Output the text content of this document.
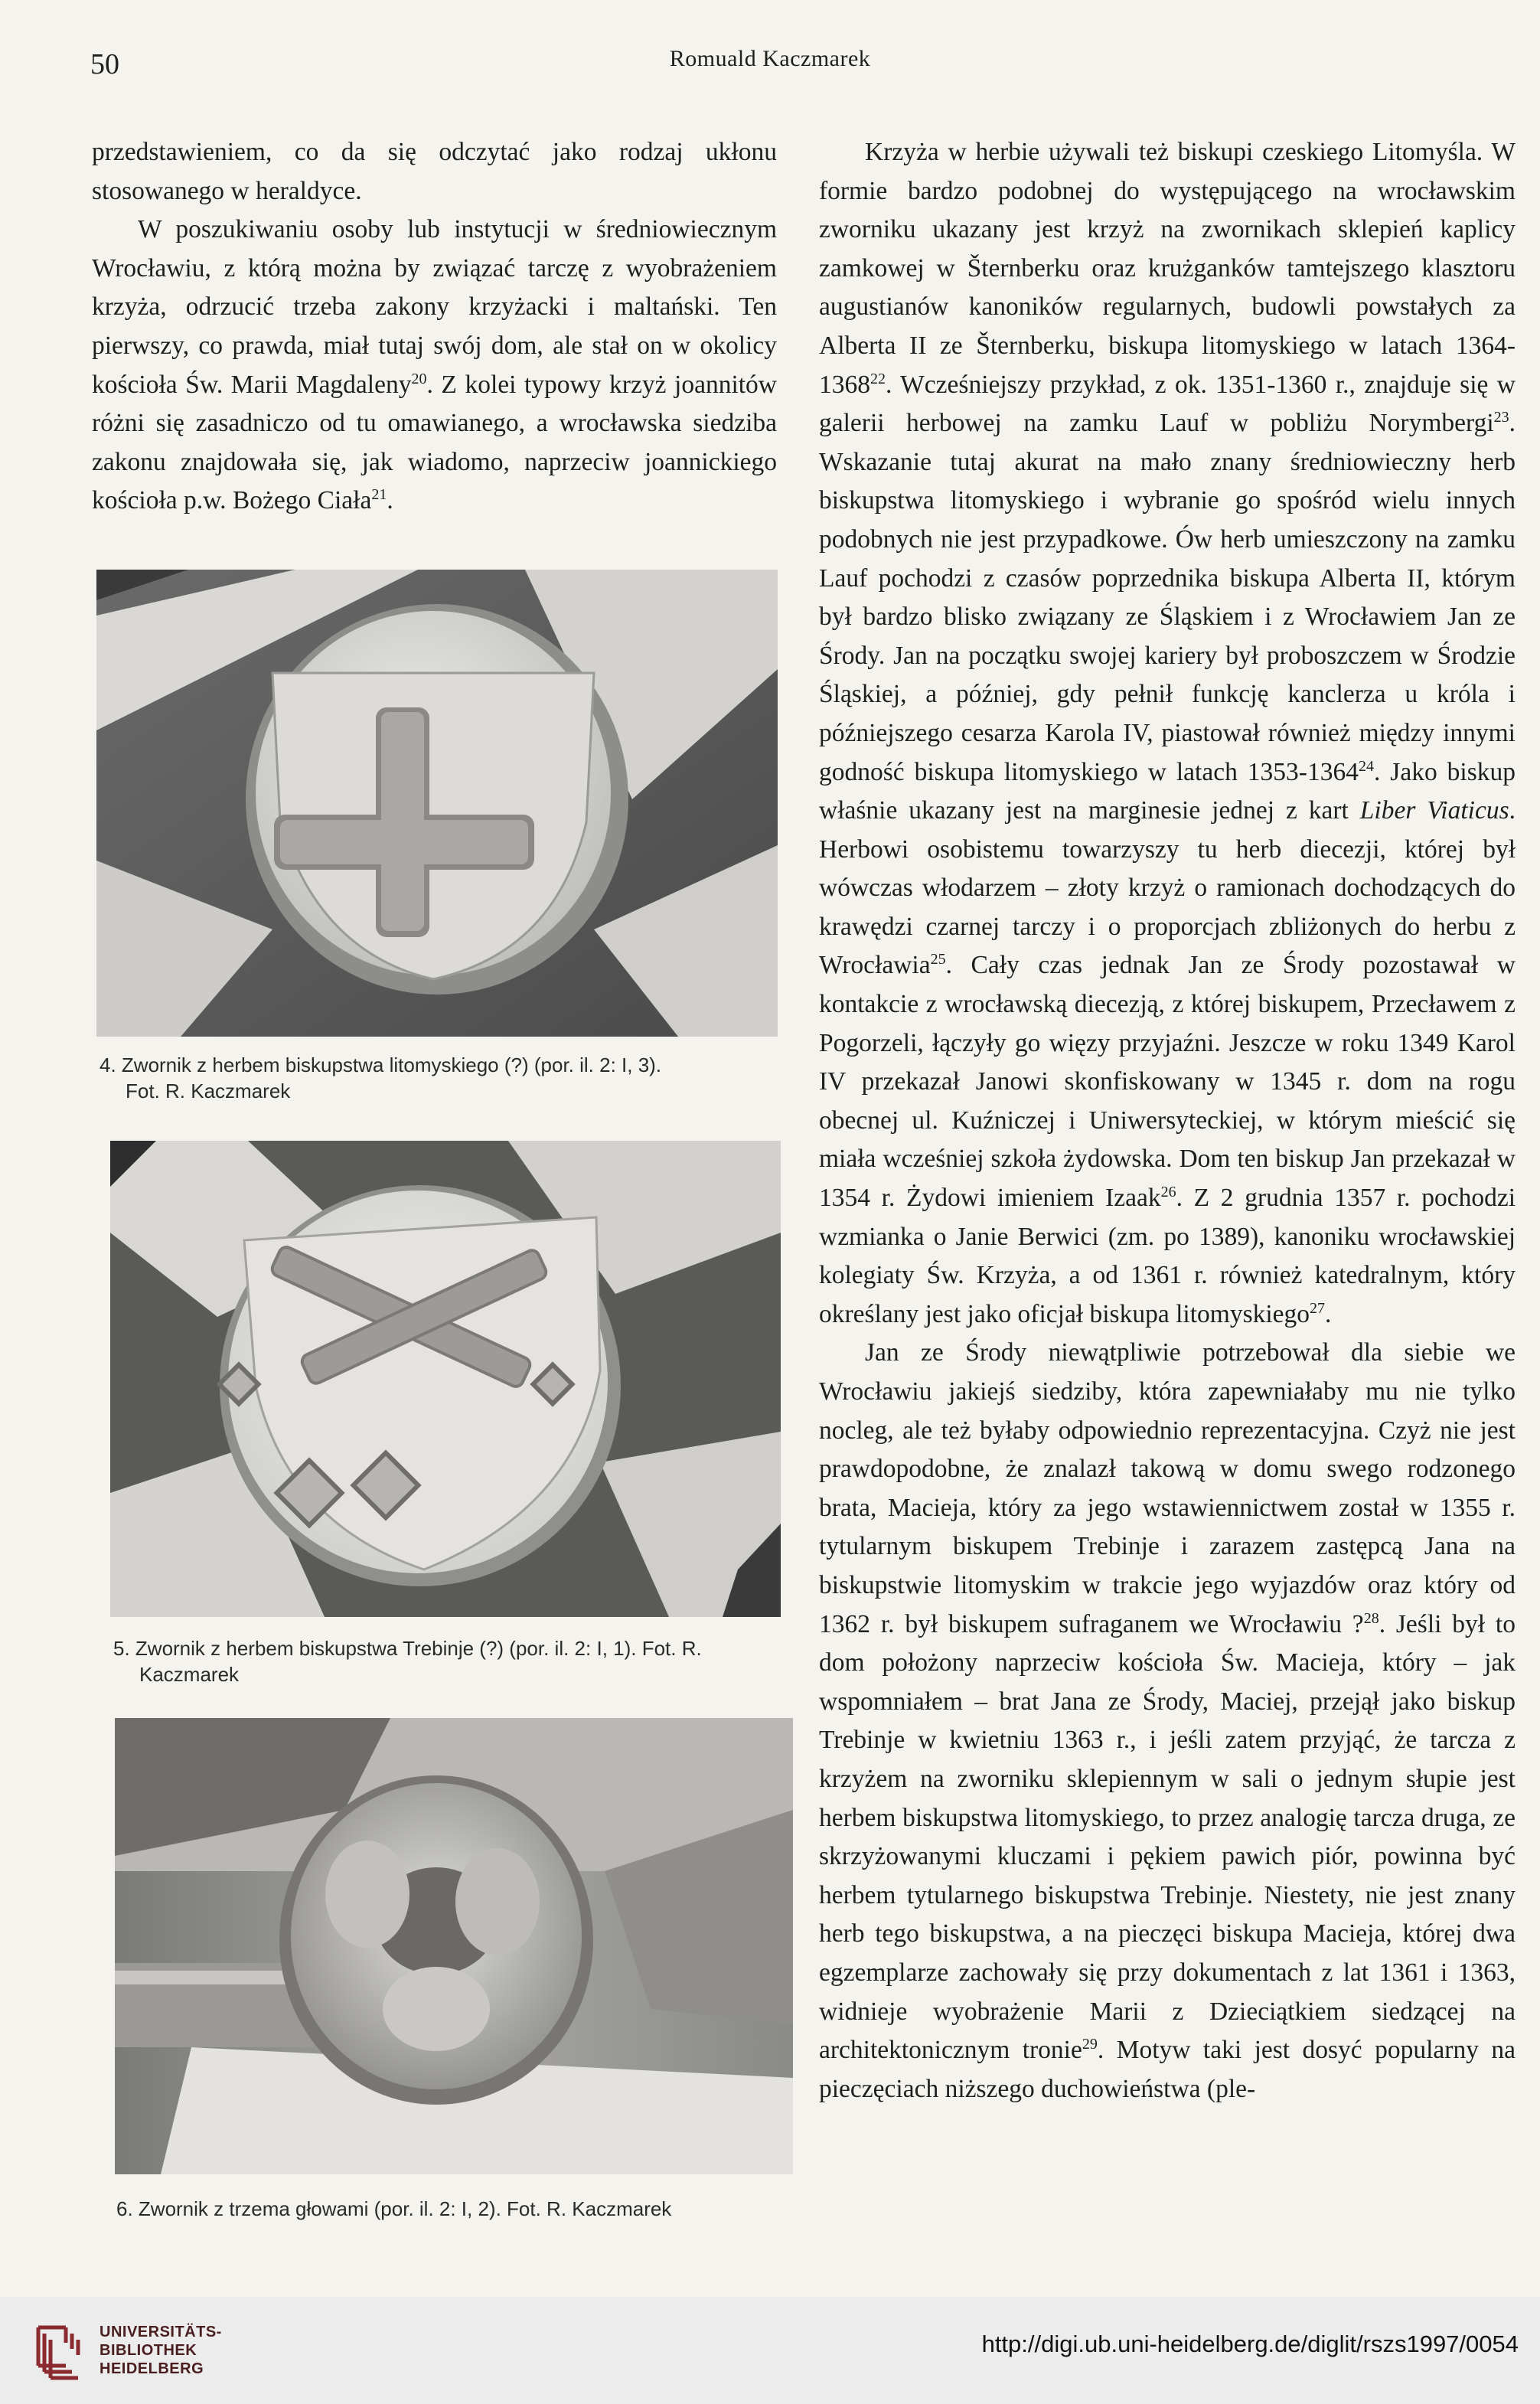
50	Romuald Kaczmarek

przedstawieniem, co da się odczytać jako rodzaj ukłonu stosowanego w heraldyce.

W poszukiwaniu osoby lub instytucji w średniowiecznym Wrocławiu, z którą można by związać tarczę z wyobrażeniem krzyża, odrzucić trzeba zakony krzyżacki i maltański. Ten pierwszy, co prawda, miał tutaj swój dom, ale stał on w okolicy kościoła Św. Marii Magdaleny$^{20}$. Z kolei typowy krzyż joannitów różni się zasadniczo od tu omawianego, a wrocławska siedziba zakonu znajdowała się, jak wiadomo, naprzeciw joannickiego kościoła p.w. Bożego Ciała$^{21}$.

4. Zwornik z herbem biskupstwa litomyskiego (?) (por. il. 2: I, 3).
Fot. R. Kaczmarek
5. Zwornik z herbem biskupstwa Trebinje (?) (por. il. 2: I, 1). Fot. R.
Kaczmarek
6. Zwornik z trzema głowami (por. il. 2: I, 2). Fot. R. Kaczmarek

Krzyża w herbie używali też biskupi czeskiego Litomyśla. W formie bardzo podobnej do występującego na wrocławskim zworniku ukazany jest krzyż na zwornikach sklepień kaplicy zamkowej w Šternberku oraz krużganków tamtejszego klasztoru augustianów kanoników regularnych, budowli powstałych za Alberta II ze Šternberku, biskupa litomyskiego w latach 1364-1368$^{22}$. Wcześniejszy przykład, z ok. 1351-1360 r., znajduje się w galerii herbowej na zamku Lauf w pobliżu Norymbergi$^{23}$. Wskazanie tutaj akurat na mało znany średniowieczny herb biskupstwa litomyskiego i wybranie go spośród wielu innych podobnych nie jest przypadkowe. Ów herb umieszczony na zamku Lauf pochodzi z czasów poprzednika biskupa Alberta II, którym był bardzo blisko związany ze Śląskiem i z Wrocławiem Jan ze Środy. Jan na początku swojej kariery był proboszczem w Środzie Śląskiej, a później, gdy pełnił funkcję kanclerza u króla i późniejszego cesarza Karola IV, piastował również między innymi godność biskupa litomyskiego w latach 1353-1364$^{24}$. Jako biskup właśnie ukazany jest na marginesie jednej z kart Liber Viaticus. Herbowi osobistemu towarzyszy tu herb diecezji, której był wówczas włodarzem – złoty krzyż o ramionach dochodzących do krawędzi czarnej tarczy i o proporcjach zbliżonych do herbu z Wrocławia$^{25}$. Cały czas jednak Jan ze Środy pozostawał w kontakcie z wrocławską diecezją, z której biskupem, Przecławem z Pogorzeli, łączyły go więzy przyjaźni. Jeszcze w roku 1349 Karol IV przekazał Janowi skonfiskowany w 1345 r. dom na rogu obecnej ul. Kuźniczej i Uniwersyteckiej, w którym mieścić się miała wcześniej szkoła żydowska. Dom ten biskup Jan przekazał w 1354 r. Żydowi imieniem Izaak$^{26}$. Z 2 grudnia 1357 r. pochodzi wzmianka o Janie Berwici (zm. po 1389), kanoniku wrocławskiej kolegiaty Św. Krzyża, a od 1361 r. również katedralnym, który określany jest jako oficjał biskupa litomyskiego$^{27}$.

Jan ze Środy niewątpliwie potrzebował dla siebie we Wrocławiu jakiejś siedziby, która zapewniałaby mu nie tylko nocleg, ale też byłaby odpowiednio reprezentacyjna. Czyż nie jest prawdopodobne, że znalazł takową w domu swego rodzonego brata, Macieja, który za jego wstawiennictwem został w 1355 r. tytularnym biskupem Trebinje i zarazem zastępcą Jana na biskupstwie litomyskim w trakcie jego wyjazdów oraz który od 1362 r. był biskupem sufraganem we Wrocławiu ?$^{28}$. Jeśli był to dom położony naprzeciw kościoła Św. Macieja, który – jak wspomniałem – brat Jana ze Środy, Maciej, przejął jako biskup Trebinje w kwietniu 1363 r., i jeśli zatem przyjąć, że tarcza z krzyżem na zworniku sklepiennym w sali o jednym słupie jest herbem biskupstwa litomyskiego, to przez analogię tarcza druga, ze skrzyżowanymi kluczami i pękiem pawich piór, powinna być herbem tytularnego biskupstwa Trebinje. Niestety, nie jest znany herb tego biskupstwa, a na pieczęci biskupa Macieja, której dwa egzemplarze zachowały się przy dokumentach z lat 1361 i 1363, widnieje wyobrażenie Marii z Dzieciątkiem siedzącej na architektonicznym tronie$^{29}$. Motyw taki jest dosyć popularny na pieczęciach niższego duchowieństwa (ple-

UNIVERSITÄTS-
BIBLIOTHEK
HEIDELBERG
http://digi.ub.uni-heidelberg.de/diglit/rszs1997/0054
